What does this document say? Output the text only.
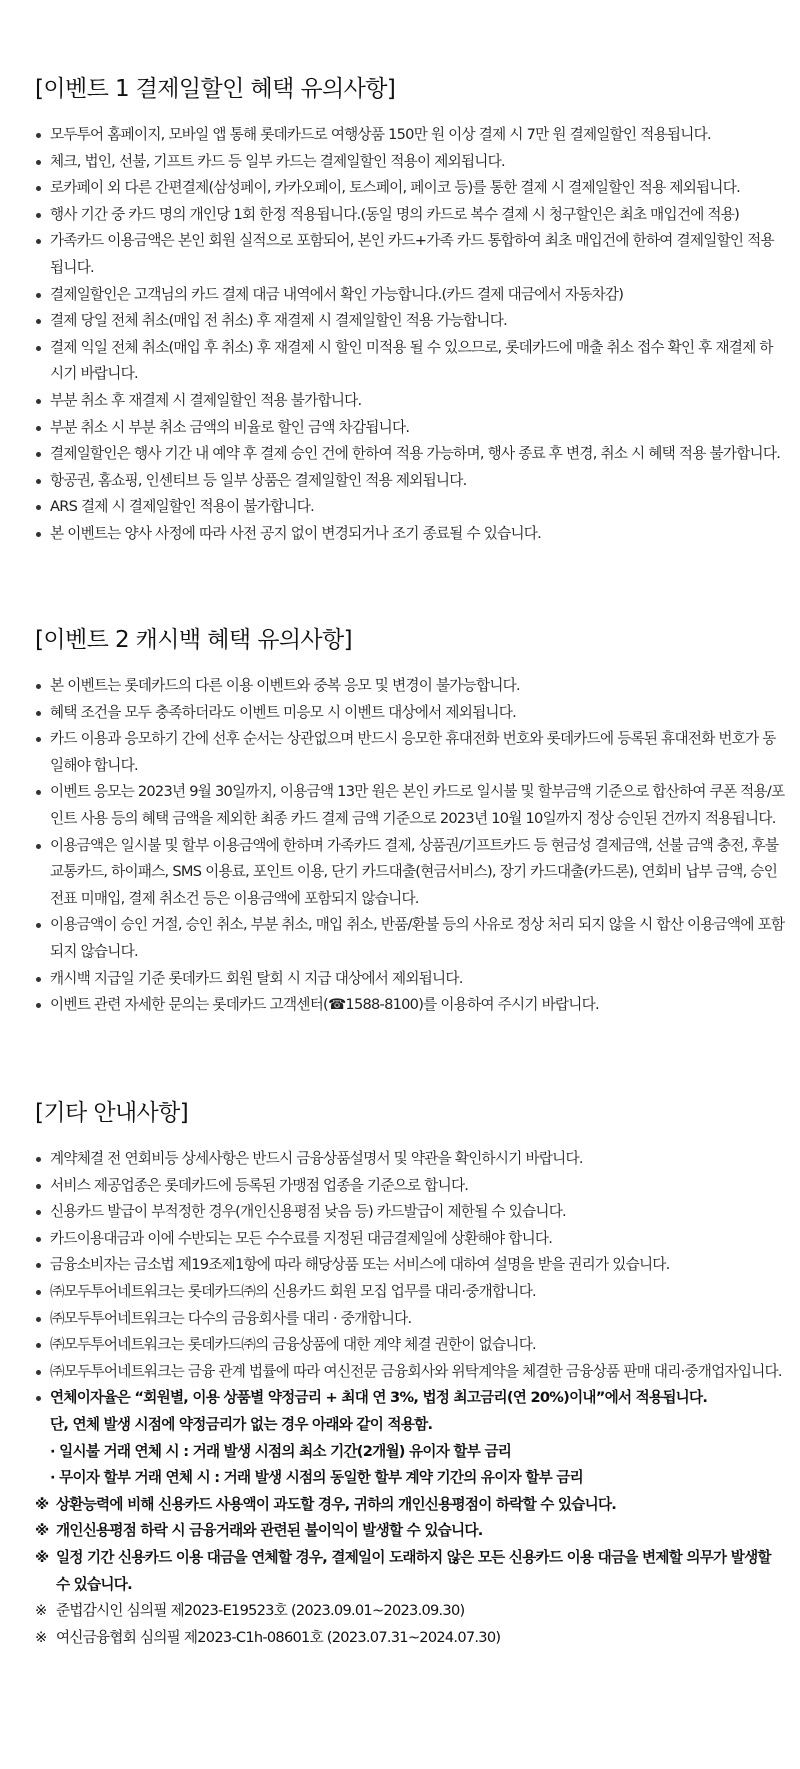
[이벤트 1 결제일할인 혜택 유의사항]
모두투어 홈페이지, 모바일 앱 통해 롯데카드로 여행상품 150만 원 이상 결제 시 7만 원 결제일할인 적용됩니다.
체크, 법인, 선불, 기프트 카드 등 일부 카드는 결제일할인 적용이 제외됩니다.
로카페이 외 다른 간편결제(삼성페이, 카카오페이, 토스페이, 페이코 등)를 통한 결제 시 결제일할인 적용 제외됩니다.
행사 기간 중 카드 명의 개인당 1회 한정 적용됩니다.(동일 명의 카드로 복수 결제 시 청구할인은 최초 매입건에 적용)
가족카드 이용금액은 본인 회원 실적으로 포함되어, 본인 카드+가족 카드 통합하여 최초 매입건에 한하여 결제일할인 적용됩니다.
결제일할인은 고객님의 카드 결제 대금 내역에서 확인 가능합니다.(카드 결제 대금에서 자동차감)
결제 당일 전체 취소(매입 전 취소) 후 재결제 시 결제일할인 적용 가능합니다.
결제 익일 전체 취소(매입 후 취소) 후 재결제 시 할인 미적용 될 수 있으므로, 롯데카드에 매출 취소 접수 확인 후 재결제 하시기 바랍니다.
부분 취소 후 재결제 시 결제일할인 적용 불가합니다.
부분 취소 시 부분 취소 금액의 비율로 할인 금액 차감됩니다.
결제일할인은 행사 기간 내 예약 후 결제 승인 건에 한하여 적용 가능하며, 행사 종료 후 변경, 취소 시 혜택 적용 불가합니다.
항공권, 홈쇼핑, 인센티브 등 일부 상품은 결제일할인 적용 제외됩니다.
ARS 결제 시 결제일할인 적용이 불가합니다.
본 이벤트는 양사 사정에 따라 사전 공지 없이 변경되거나 조기 종료될 수 있습니다.
[이벤트 2 캐시백 혜택 유의사항]
본 이벤트는 롯데카드의 다른 이용 이벤트와 중복 응모 및 변경이 불가능합니다.
혜택 조건을 모두 충족하더라도 이벤트 미응모 시 이벤트 대상에서 제외됩니다.
카드 이용과 응모하기 간에 선후 순서는 상관없으며 반드시 응모한 휴대전화 번호와 롯데카드에 등록된 휴대전화 번호가 동일해야 합니다.
이벤트 응모는 2023년 9월 30일까지, 이용금액 13만 원은 본인 카드로 일시불 및 할부금액 기준으로 합산하여 쿠폰 적용/포인트 사용 등의 혜택 금액을 제외한 최종 카드 결제 금액 기준으로 2023년 10월 10일까지 정상 승인된 건까지 적용됩니다.
이용금액은 일시불 및 할부 이용금액에 한하며 가족카드 결제, 상품권/기프트카드 등 현금성 결제금액, 선불 금액 충전, 후불교통카드, 하이패스, SMS 이용료, 포인트 이용, 단기 카드대출(현금서비스), 장기 카드대출(카드론), 연회비 납부 금액, 승인 전표 미매입, 결제 취소건 등은 이용금액에 포함되지 않습니다.
이용금액이 승인 거절, 승인 취소, 부분 취소, 매입 취소, 반품/환불 등의 사유로 정상 처리 되지 않을 시 합산 이용금액에 포함되지 않습니다.
캐시백 지급일 기준 롯데카드 회원 탈회 시 지급 대상에서 제외됩니다.
이벤트 관련 자세한 문의는 롯데카드 고객센터(☎1588-8100)를 이용하여 주시기 바랍니다.
[기타 안내사항]
계약체결 전 연회비등 상세사항은 반드시 금융상품설명서 및 약관을 확인하시기 바랍니다.
서비스 제공업종은 롯데카드에 등록된 가맹점 업종을 기준으로 합니다.
신용카드 발급이 부적정한 경우(개인신용평점 낮음 등) 카드발급이 제한될 수 있습니다.
카드이용대금과 이에 수반되는 모든 수수료를 지정된 대금결제일에 상환해야 합니다.
금융소비자는 금소법 제19조제1항에 따라 해당상품 또는 서비스에 대하여 설명을 받을 권리가 있습니다.
㈜모두투어네트워크는 롯데카드㈜의 신용카드 회원 모집 업무를 대리·중개합니다.
㈜모두투어네트워크는 다수의 금융회사를 대리 · 중개합니다.
㈜모두투어네트워크는 롯데카드㈜의 금융상품에 대한 계약 체결 권한이 없습니다.
㈜모두투어네트워크는 금융 관계 법률에 따라 여신전문 금융회사와 위탁계약을 체결한 금융상품 판매 대리·중개업자입니다.
연체이자율은 “회원별, 이용 상품별 약정금리 + 최대 연 3%, 법정 최고금리(연 20%)이내”에서 적용됩니다.
단, 연체 발생 시점에 약정금리가 없는 경우 아래와 같이 적용함.
· 일시불 거래 연체 시 : 거래 발생 시점의 최소 기간(2개월) 유이자 할부 금리
· 무이자 할부 거래 연체 시 : 거래 발생 시점의 동일한 할부 계약 기간의 유이자 할부 금리
※ 상환능력에 비해 신용카드 사용액이 과도할 경우, 귀하의 개인신용평점이 하락할 수 있습니다.
※ 개인신용평점 하락 시 금융거래와 관련된 불이익이 발생할 수 있습니다.
※ 일정 기간 신용카드 이용 대금을 연체할 경우, 결제일이 도래하지 않은 모든 신용카드 이용 대금을 변제할 의무가 발생할 수 있습니다.
※ 준법감시인 심의필 제2023-E19523호 (2023.09.01~2023.09.30)
※ 여신금융협회 심의필 제2023-C1h-08601호 (2023.07.31~2024.07.30)
